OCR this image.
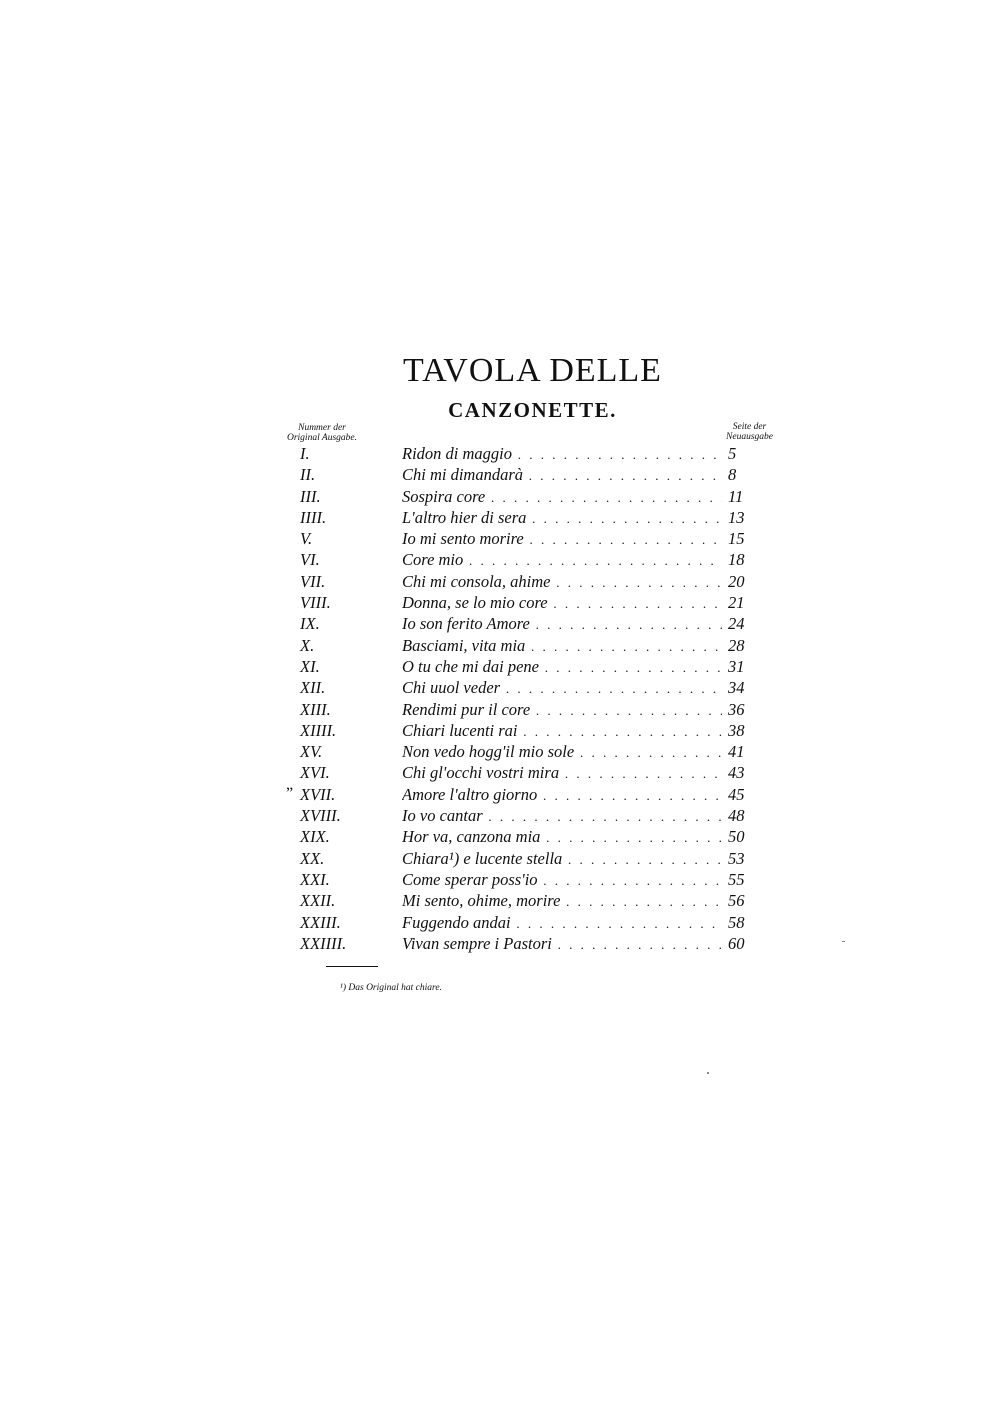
TAVOLA DELLE
CANZONETTE.
Nummer der
Original Ausgabe.
Seite der
Neuausgabe
I.	Ridon di maggio . . .	5
II.	Chi mi dimandarà . . .	8
III.	Sospira core . . .	11
IIII.	L'altro hier di sera . . .	13
V.	Io mi sento morire . . .	15
VI.	Core mio . . .	18
VII.	Chi mi consola, ahime . . .	20
VIII.	Donna, se lo mio core . . .	21
IX.	Io son ferito Amore . . .	24
X.	Basciami, vita mia . . .	28
XI.	O tu che mi dai pene . . .	31
XII.	Chi uuol veder . . .	34
XIII.	Rendimi pur il core . . .	36
XIIII.	Chiari lucenti rai . . .	38
XV.	Non vedo hogg'il mio sole . . .	41
XVI.	Chi gl'occhi vostri mira . . .	43
” XVII.	Amore l'altro giorno . . .	45
XVIII.	Io vo cantar . . .	48
XIX.	Hor va, canzona mia . . .	50
XX.	Chiara¹) e lucente stella . . .	53
XXI.	Come sperar poss'io . . .	55
XXII.	Mi sento, ohime, morire . . .	56
XXIII.	Fuggendo andai . . .	58
XXIIII.	Vivan sempre i Pastori . . .	60
¹) Das Original hat chiare.
